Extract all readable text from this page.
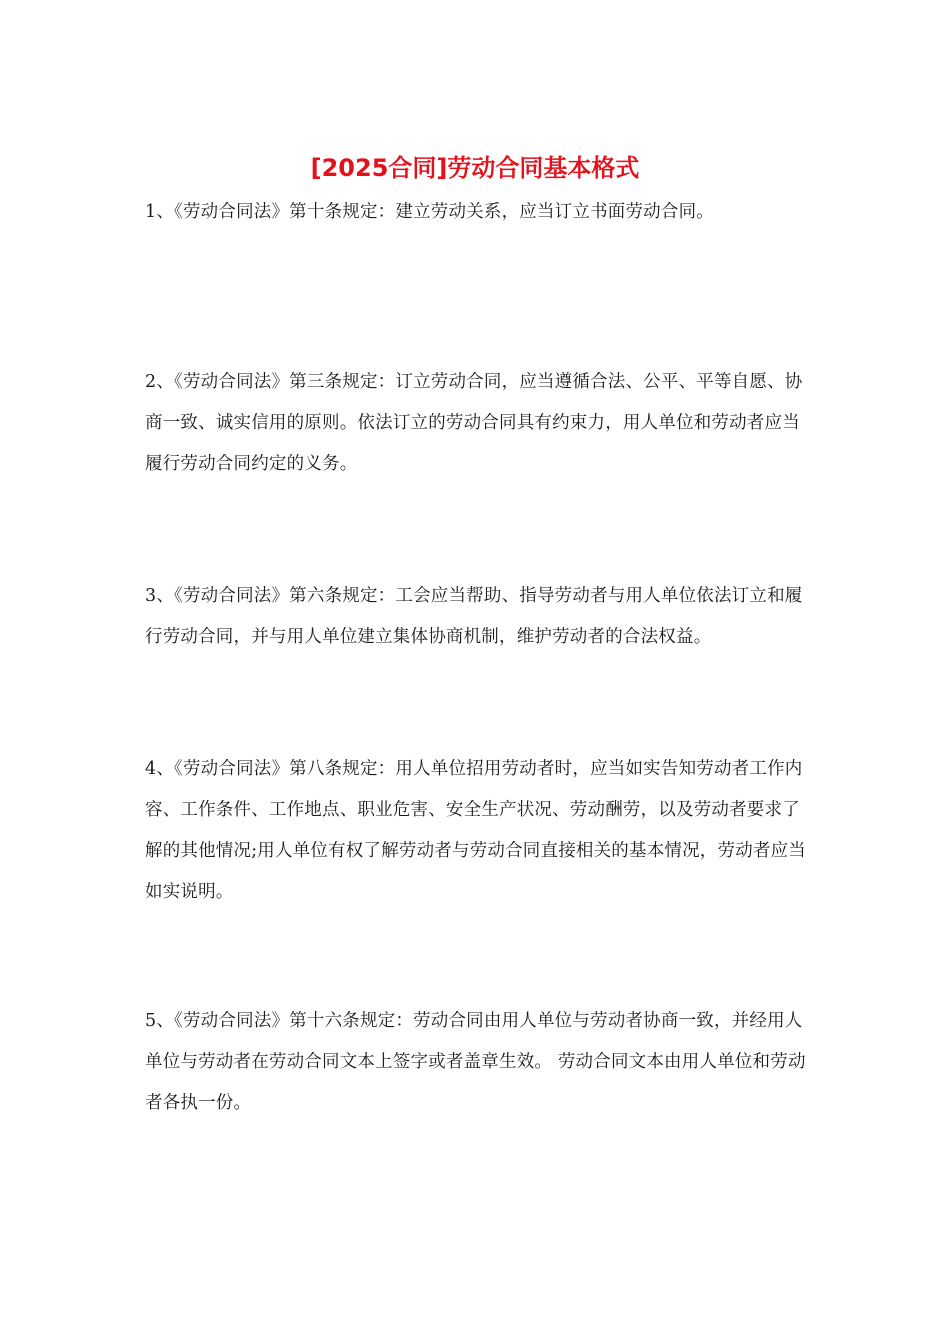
[2025合同]劳动合同基本格式

1、《劳动合同法》第十条规定：建立劳动关系，应当订立书面劳动合同。

2、《劳动合同法》第三条规定：订立劳动合同，应当遵循合法、公平、平等自愿、协商一致、诚实信用的原则。依法订立的劳动合同具有约束力，用人单位和劳动者应当履行劳动合同约定的义务。

3、《劳动合同法》第六条规定：工会应当帮助、指导劳动者与用人单位依法订立和履行劳动合同，并与用人单位建立集体协商机制，维护劳动者的合法权益。

4、《劳动合同法》第八条规定：用人单位招用劳动者时，应当如实告知劳动者工作内容、工作条件、工作地点、职业危害、安全生产状况、劳动酬劳，以及劳动者要求了解的其他情况;用人单位有权了解劳动者与劳动合同直接相关的基本情况，劳动者应当如实说明。

5、《劳动合同法》第十六条规定：劳动合同由用人单位与劳动者协商一致，并经用人单位与劳动者在劳动合同文本上签字或者盖章生效。 劳动合同文本由用人单位和劳动者各执一份。
